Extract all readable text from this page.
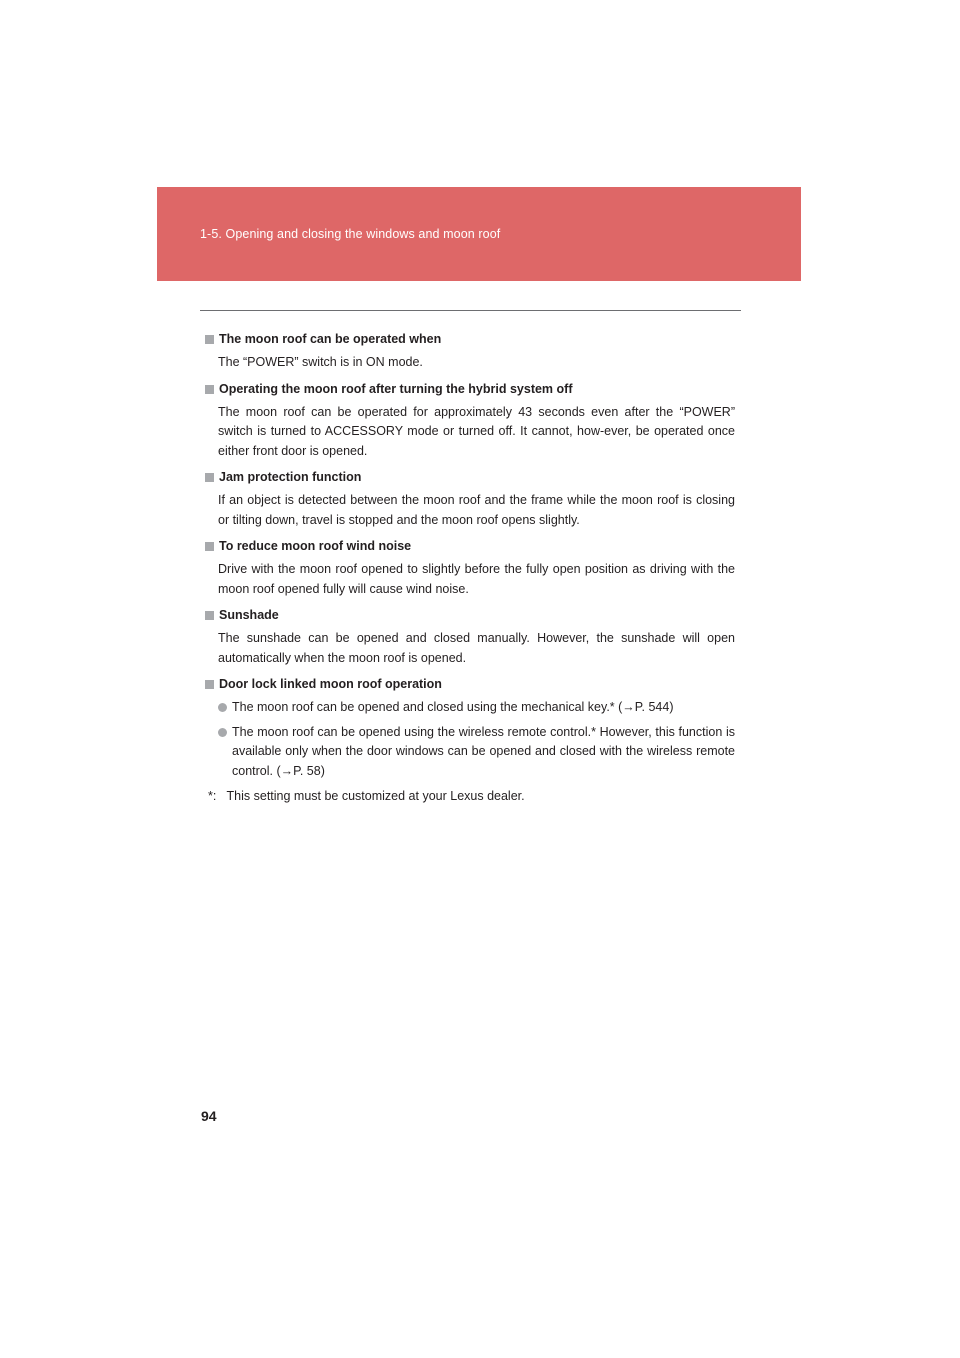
1-5. Opening and closing the windows and moon roof
The moon roof can be operated when
The “POWER” switch is in ON mode.
Operating the moon roof after turning the hybrid system off
The moon roof can be operated for approximately 43 seconds even after the “POWER” switch is turned to ACCESSORY mode or turned off. It cannot, how-ever, be operated once either front door is opened.
Jam protection function
If an object is detected between the moon roof and the frame while the moon roof is closing or tilting down, travel is stopped and the moon roof opens slightly.
To reduce moon roof wind noise
Drive with the moon roof opened to slightly before the fully open position as driving with the moon roof opened fully will cause wind noise.
Sunshade
The sunshade can be opened and closed manually. However, the sunshade will open automatically when the moon roof is opened.
Door lock linked moon roof operation
The moon roof can be opened and closed using the mechanical key.* (→P. 544)
The moon roof can be opened using the wireless remote control.* However, this function is available only when the door windows can be opened and closed with the wireless remote control. (→P. 58)
*:   This setting must be customized at your Lexus dealer.
94
